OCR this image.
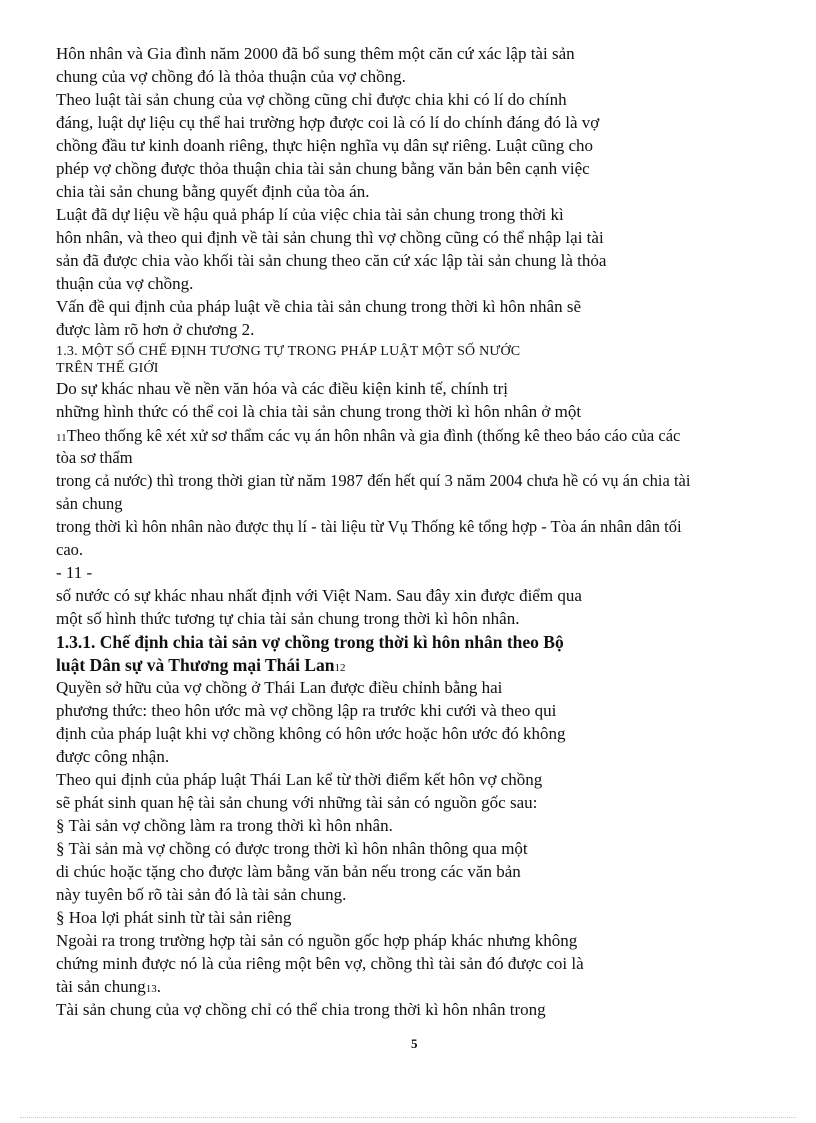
Hôn nhân và Gia đình năm 2000 đã bổ sung thêm một căn cứ xác lập tài sản
chung của vợ chồng đó là thỏa thuận của vợ chồng.
Theo luật tài sản chung của vợ chồng cũng chỉ được chia khi có lí do chính
đáng, luật dự liệu cụ thể hai trường hợp được coi là có lí do chính đáng đó là vợ
chồng đầu tư kinh doanh riêng, thực hiện nghĩa vụ dân sự riêng. Luật cũng cho
phép vợ chồng được thỏa thuận chia tài sản chung bằng văn bản bên cạnh việc
chia tài sản chung bằng quyết định của tòa án.
Luật đã dự liệu về hậu quả pháp lí của việc chia tài sản chung trong thời kì
hôn nhân, và theo qui định về tài sản chung thì vợ chồng cũng có thể nhập lại tài
sản đã được chia vào khối tài sản chung theo căn cứ xác lập tài sản chung là thỏa
thuận của vợ chồng.
Vấn đề qui định của pháp luật về chia tài sản chung trong thời kì hôn nhân sẽ
được làm rõ hơn ở chương 2.
1.3. MỘT SỐ CHẾ ĐỊNH TƯƠNG TỰ TRONG PHÁP LUẬT MỘT SỐ NƯỚC
TRÊN THẾ GIỚI
Do sự khác nhau về nền văn hóa và các điều kiện kinh tế, chính trị
những hình thức có thể coi là chia tài sản chung trong thời kì hôn nhân ở một
11Theo thống kê xét xử sơ thẩm các vụ án hôn nhân và gia đình (thống kê theo báo cáo của các
tòa sơ thẩm
trong cả nước) thì trong thời gian từ năm 1987 đến hết quí 3 năm 2004 chưa hề có vụ án chia tài
sản chung
trong thời kì hôn nhân nào được thụ lí - tài liệu từ Vụ Thống kê tổng hợp - Tòa án nhân dân tối
cao.
- 11 -
số nước có sự khác nhau nhất định với Việt Nam. Sau đây xin được điểm qua
một số hình thức tương tự chia tài sản chung trong thời kì hôn nhân.
1.3.1. Chế định chia tài sản vợ chồng trong thời kì hôn nhân theo Bộ
luật Dân sự và Thương mại Thái Lan12
Quyền sở hữu của vợ chồng ở Thái Lan được điều chỉnh bằng hai
phương thức: theo hôn ước mà vợ chồng lập ra trước khi cưới và theo qui
định của pháp luật khi vợ chồng không có hôn ước hoặc hôn ước đó không
được công nhận.
Theo qui định của pháp luật Thái Lan kể từ thời điểm kết hôn vợ chồng
sẽ phát sinh quan hệ tài sản chung với những tài sản có nguồn gốc sau:
§ Tài sản vợ chồng làm ra trong thời kì hôn nhân.
§ Tài sản mà vợ chồng có được trong thời kì hôn nhân thông qua một
di chúc hoặc tặng cho được làm bằng văn bản nếu trong các văn bản
này tuyên bố rõ tài sản đó là tài sản chung.
§ Hoa lợi phát sinh từ tài sản riêng
Ngoài ra trong trường hợp tài sản có nguồn gốc hợp pháp khác nhưng không
chứng minh được nó là của riêng một bên vợ, chồng thì tài sản đó được coi là
tài sản chung13.
Tài sản chung của vợ chồng chỉ có thể chia trong thời kì hôn nhân trong
5
